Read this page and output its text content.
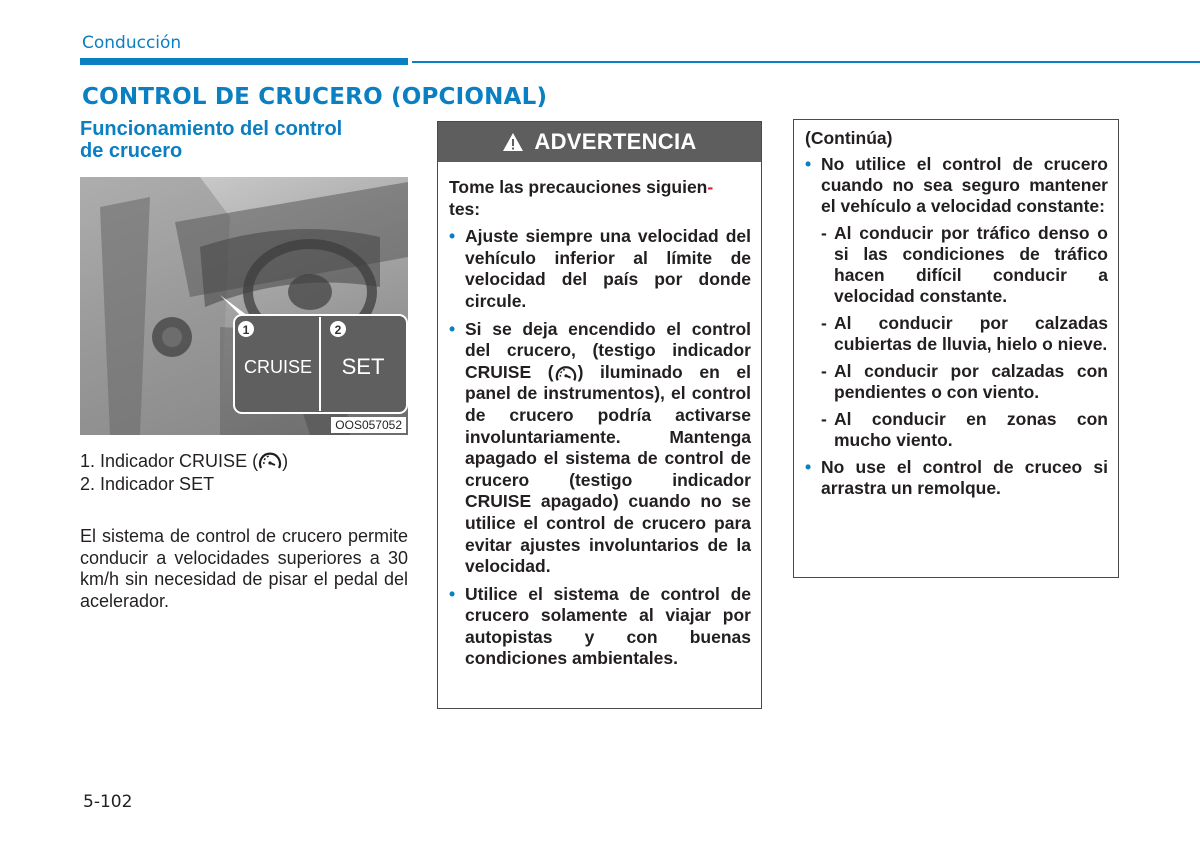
Conducción
CONTROL DE CRUCERO (OPCIONAL)
Funcionamiento del control
de crucero
1	2
CRUISE SET
OOS057052
1. Indicador CRUISE ( )
2. Indicador SET
El sistema de control de crucero permite conducir a velocidades superiores a 30 km/h sin necesidad de pisar el pedal del acelerador.
ADVERTENCIA

Tome las precauciones siguien-
tes:

• Ajuste siempre una velocidad del vehículo inferior al límite de velocidad del país por donde circule.
• Si se deja encendido el control del crucero, (testigo indicador CRUISE ( ) iluminado en el panel de instrumentos), el control de crucero podría activarse involuntariamente. Mantenga apagado el sistema de control de crucero (testigo indicador CRUISE apagado) cuando no se utilice el control de crucero para evitar ajustes involuntarios de la velocidad.
• Utilice el sistema de control de crucero solamente al viajar por autopistas y con buenas condiciones ambientales.
(Continúa)
• No utilice el control de crucero cuando no sea seguro mantener el vehículo a velocidad constante:
- Al conducir por tráfico denso o si las condiciones de tráfico hacen difícil conducir a velocidad constante.
- Al conducir por calzadas cubiertas de lluvia, hielo o nieve.
- Al conducir por calzadas con pendientes o con viento.
- Al conducir en zonas con mucho viento.
• No use el control de cruceo si arrastra un remolque.
5-102
